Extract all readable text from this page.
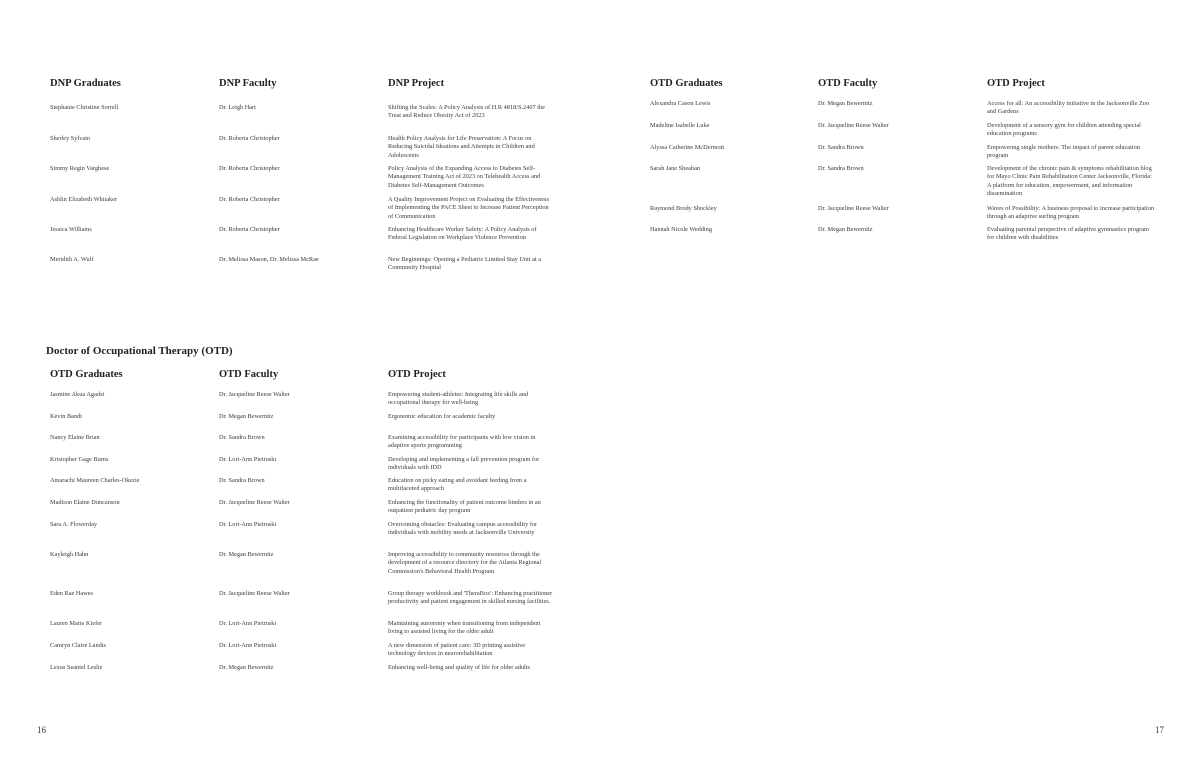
DNP Graduates	DNP Faculty	DNP Project
Stephanie Christine Sorrell	Dr. Leigh Hart	Shifting the Scales: A Policy Analysis of H.R 4818/S.2407 the Treat and Reduce Obesity Act of 2023
Sherley Sylvain	Dr. Roberta Christopher	Health Policy Analysis for Life Preservation: A Focus on Reducing Suicidal Ideations and Attempts in Children and Adolescents
Simmy Regin Varghese	Dr. Roberta Christopher	Policy Analysis of the Expanding Access to Diabetes Self-Management Training Act of 2023 on Telehealth Access and Diabetes Self-Management Outcomes
Ashlin Elizabeth Whitaker	Dr. Roberta Christopher	A Quality Improvement Project on Evaluating the Effectiveness of Implementing the PACE Sheet to Increase Patient Perception of Communication
Jessica Williams	Dr. Roberta Christopher	Enhancing Healthcare Worker Safety: A Policy Analysis of Federal Legislation on Workplace Violence Prevention
Meridith A. Wulf	Dr. Melissa Mason, Dr. Melissa McRae	New Beginnings: Opening a Pediatric Limited Stay Unit at a Community Hospital
Doctor of Occupational Therapy (OTD)
OTD Graduates	OTD Faculty	OTD Project
Jasmine Akua Agadzi	Dr. Jacqueline Reese Walter	Empowering student-athletes: Integrating life skills and occupational therapy for well-being
Kevin Bandt	Dr. Megan Bewernitz	Ergonomic education for academic faculty
Nancy Elaine Brian	Dr. Sandra Brown	Examining accessibility for participants with low vision in adaptive sports programming
Kristopher Gage Burns	Dr. Lori-Ann Pietruski	Developing and implementing a fall prevention program for individuals with IDD
Amarachi Maureen Charles-Okezie	Dr. Sandra Brown	Education on picky eating and avoidant feeding from a multifaceted approach
Madison Elaine Duncanson	Dr. Jacqueline Reese Walter	Enhancing the functionality of patient outcome binders in an outpatient pediatric day program
Sara A. Flowerday	Dr. Lori-Ann Pietruski	Overcoming obstacles: Evaluating campus accessibility for individuals with mobility needs at Jacksonville University
Kayleigh Hahn	Dr. Megan Bewernitz	Improving accessibility to community resources through the development of a resource directory for the Atlanta Regional Commission's Behavioral Health Program
Eden Rae Hawes	Dr. Jacqueline Reese Walter	Group therapy workbook and 'TheraBox': Enhancing practitioner productivity and patient engagement in skilled nursing facilities.
Lauren Marie Kiefer	Dr. Lori-Ann Pietruski	Maintaining autonomy when transitioning from independent living to assisted living for the older adult
Camryn Claire Landis	Dr. Lori-Ann Pietruski	A new dimension of patient care: 3D printing assistive technology devices in neurorehabilitation
Lexus Seantel Leslie	Dr. Megan Bewernitz	Enhancing well-being and quality of life for older adults
16
OTD Graduates	OTD Faculty	OTD Project
Alexandra Cason Lewis	Dr. Megan Bewernitz	Access for all: An accessibility initiative in the Jacksonville Zoo and Gardens
Madeline Isabelle Luke	Dr. Jacqueline Reese Walter	Development of a sensory gym for children attending special education programs
Alyssa Catherine McDermott	Dr. Sandra Brown	Empowering single mothers: The impact of parent education program
Sarah Jane Sheahan	Dr. Sandra Brown	Development of the chronic pain & symptoms rehabilitation blog for Mayo Clinic Pain Rehabilitation Center Jacksonville, Florida: A platform for education, empowerment, and information dissemination
Raymond Brody Shockley	Dr. Jacqueline Reese Walter	Waves of Possibility: A business proposal to increase participation through an adaptive surfing program
Hannah Nicole Wedding	Dr. Megan Bewernitz	Evaluating parental perspective of adaptive gymnastics program for children with disabilities
17
